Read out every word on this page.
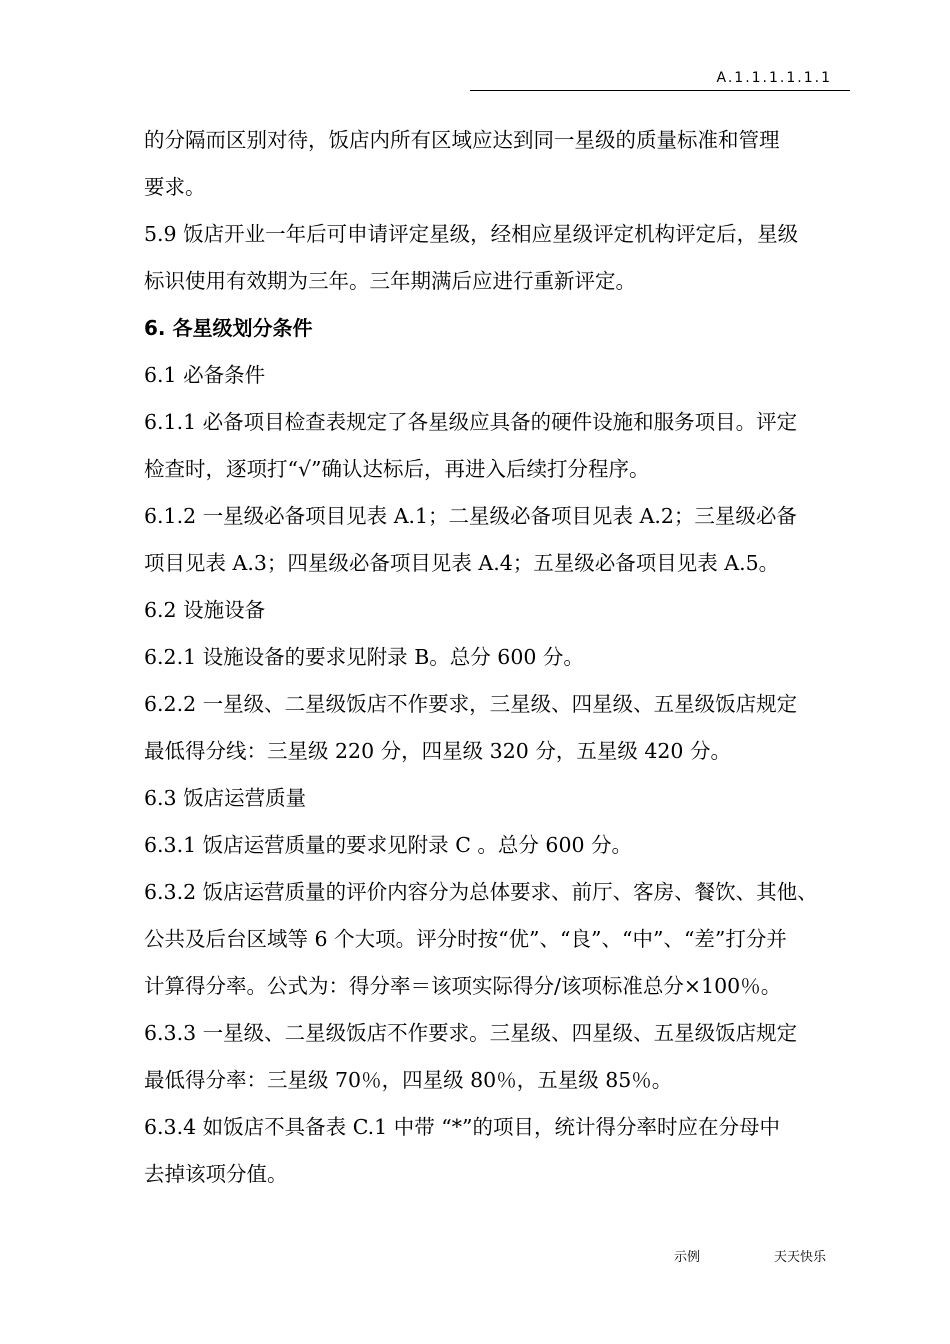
A.1.1.1.1.1.1
的分隔而区别对待，饭店内所有区域应达到同一星级的质量标准和管理
要求。
5.9 饭店开业一年后可申请评定星级，经相应星级评定机构评定后，星级
标识使用有效期为三年。三年期满后应进行重新评定。
6. 各星级划分条件
6.1 必备条件
6.1.1 必备项目检查表规定了各星级应具备的硬件设施和服务项目。评定
检查时，逐项打“√”确认达标后，再进入后续打分程序。
6.1.2 一星级必备项目见表 A.1；二星级必备项目见表 A.2；三星级必备
项目见表 A.3；四星级必备项目见表 A.4；五星级必备项目见表 A.5。
6.2 设施设备
6.2.1 设施设备的要求见附录 B。总分 600 分。
6.2.2 一星级、二星级饭店不作要求，三星级、四星级、五星级饭店规定
最低得分线：三星级 220 分，四星级 320 分，五星级 420 分。
6.3 饭店运营质量
6.3.1 饭店运营质量的要求见附录 C 。总分 600 分。
6.3.2 饭店运营质量的评价内容分为总体要求、前厅、客房、餐饮、其他、
公共及后台区域等 6 个大项。评分时按“优”、“良”、“中”、“差”打分并
计算得分率。公式为：得分率＝该项实际得分/该项标准总分×100％。
6.3.3 一星级、二星级饭店不作要求。三星级、四星级、五星级饭店规定
最低得分率：三星级 70％，四星级 80％，五星级 85％。
6.3.4 如饭店不具备表 C.1 中带 “*”的项目，统计得分率时应在分母中
去掉该项分值。
示例	天天快乐
